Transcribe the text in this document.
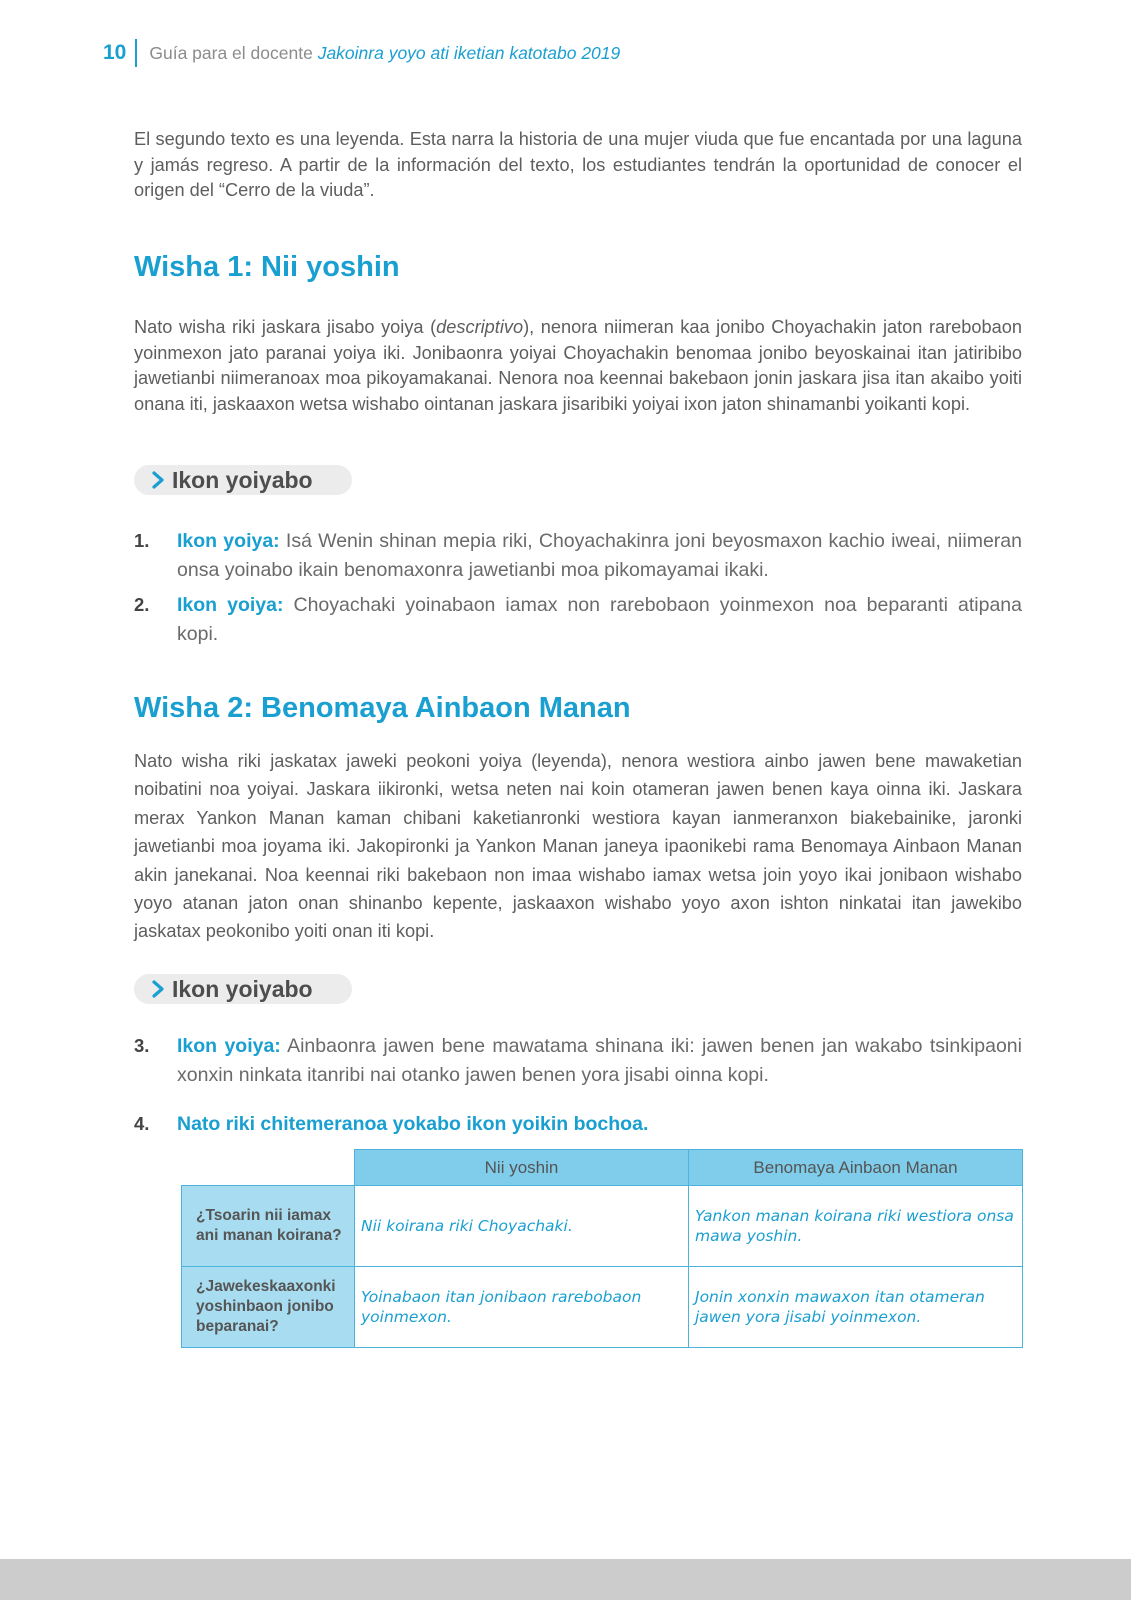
10	Guía para el docente Jakoinra yoyo ati iketian katotabo 2019

El segundo texto es una leyenda. Esta narra la historia de una mujer viuda que fue encantada por una laguna y jamás regreso. A partir de la información del texto, los estudiantes tendrán la oportunidad de conocer el origen del “Cerro de la viuda”.

Wisha 1: Nii yoshin

Nato wisha riki jaskara jisabo yoiya (descriptivo), nenora niimeran kaa jonibo Choyachakin jaton rarebobaon yoinmexon jato paranai yoiya iki. Jonibaonra yoiyai Choyachakin benomaa jonibo beyoskainai itan jatiribibo jawetianbi niimeranoax moa pikoyamakanai. Nenora noa keennai bakebaon jonin jaskara jisa itan akaibo yoiti onana iti, jaskaaxon wetsa wishabo ointanan jaskara jisaribiki yoiyai ixon jaton shinamanbi yoikanti kopi.

Ikon yoiyabo
1. Ikon yoiya: Isá Wenin shinan mepia riki, Choyachakinra joni beyosmaxon kachio iweai, niimeran onsa yoinabo ikain benomaxonra jawetianbi moa pikomayamai ikaki.
2. Ikon yoiya: Choyachaki yoinabaon iamax non rarebobaon yoinmexon noa beparanti atipana kopi.
Wisha 2: Benomaya Ainbaon Manan

Nato wisha riki jaskatax jaweki peokoni yoiya (leyenda), nenora westiora ainbo jawen bene mawaketian noibatini noa yoiyai. Jaskara iikironki, wetsa neten nai koin otameran jawen benen kaya oinna iki. Jaskara merax Yankon Manan kaman chibani kaketianronki westiora kayan ianmeranxon biakebainike, jaronki jawetianbi moa joyama iki. Jakopironki ja Yankon Manan janeya ipaonikebi rama Benomaya Ainbaon Manan akin janekanai. Noa keennai riki bakebaon non imaa wishabo iamax wetsa join yoyo ikai jonibaon wishabo yoyo atanan jaton onan shinanbo kepente, jaskaaxon wishabo yoyo axon ishton ninkatai itan jawekibo jaskatax peokonibo yoiti onan iti kopi.

Ikon yoiyabo
3. Ikon yoiya: Ainbaonra jawen bene mawatama shinana iki: jawen benen jan wakabo tsinkipaoni xonxin ninkata itanribi nai otanko jawen benen yora jisabi oinna kopi.
4. Nato riki chitemeranoa yokabo ikon yoikin bochoa.
	Nii yoshin	Benomaya Ainbaon Manan
¿Tsoarin nii iamax ani manan koirana?	Nii koirana riki Choyachaki.	Yankon manan koirana riki westiora onsa mawa yoshin.
¿Jawekeskaaxonki yoshinbaon jonibo beparanai?	Yoinabaon itan jonibaon rarebobaon yoinmexon.	Jonin xonxin mawaxon itan otameran jawen yora jisabi yoinmexon.
